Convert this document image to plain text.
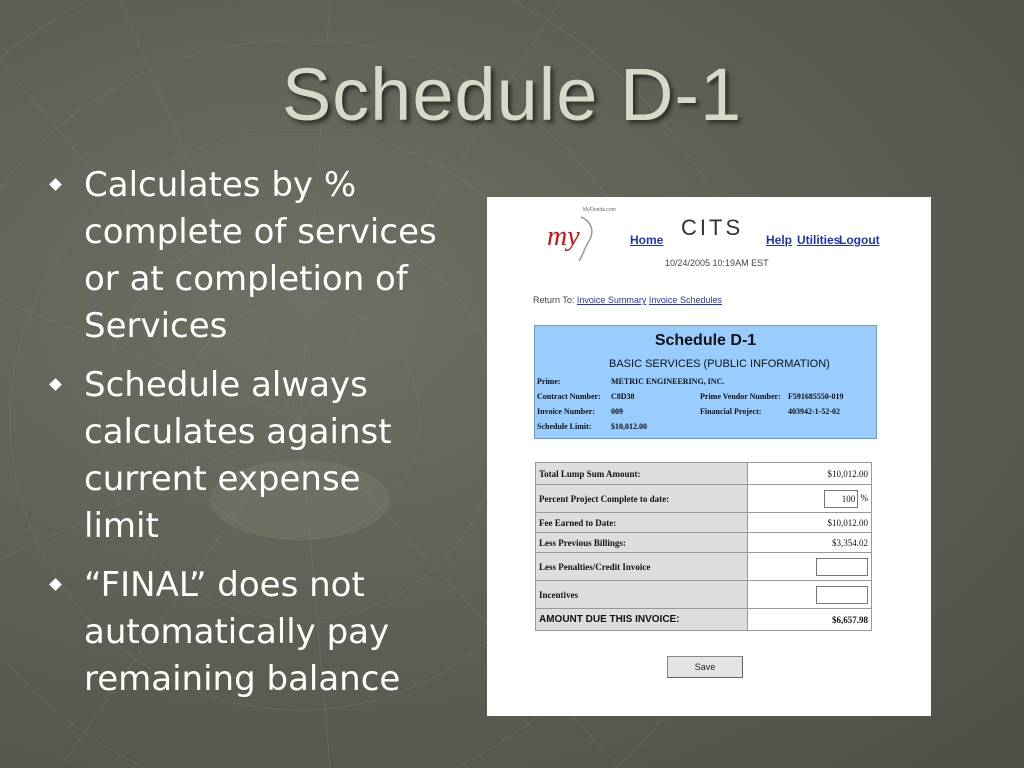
Schedule D-1
Calculates by %
complete of services
or at completion of
Services
Schedule always
calculates against
current expense
limit
“FINAL” does not
automatically pay
remaining balance
my
MyFlorida.com
Home CITS Help Utilities
Logout
10/24/2005 10:19AM EST
Return To: Invoice Summary Invoice Schedules
Schedule D-1
BASIC SERVICES (PUBLIC INFORMATION)
Prime:	METRIC ENGINEERING, INC.
Contract Number: C8D38	Prime Vendor Number: F591685550-019
Invoice Number: 009	Financial Project:	403942-1-52-02
Schedule Limit: $10,012.00
Total Lump Sum Amount:	$10,012.00
Percent Project Complete to date:	100 %
Fee Earned to Date:	$10,012.00
Less Previous Billings:	$3,354.02
Less Penalties/Credit Invoice	
Incentives	
AMOUNT DUE THIS INVOICE:	$6,657.98
Save
